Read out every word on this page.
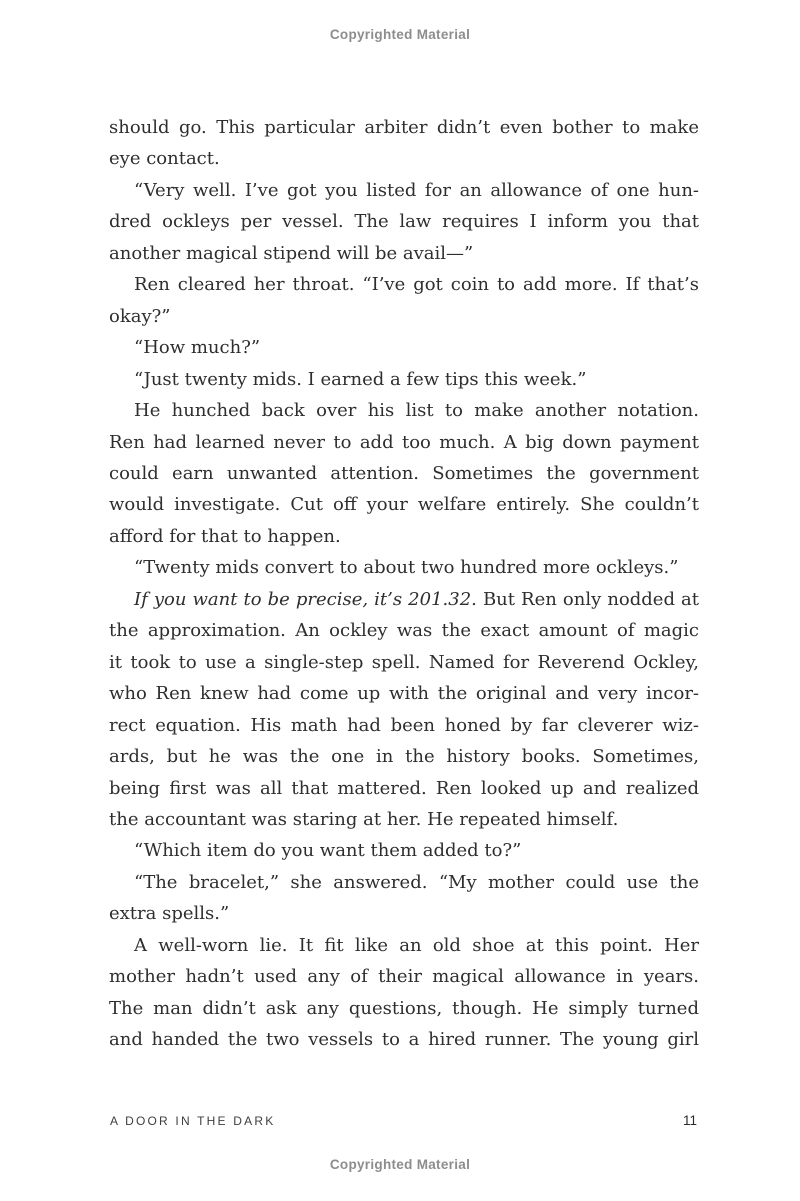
Copyrighted Material
should go. This particular arbiter didn’t even bother to make
eye contact.
“Very well. I’ve got you listed for an allowance of one hun-
dred ockleys per vessel. The law requires I inform you that
another magical stipend will be avail—”
Ren cleared her throat. “I’ve got coin to add more. If that’s
okay?”
“How much?”
“Just twenty mids. I earned a few tips this week.”
He hunched back over his list to make another notation.
Ren had learned never to add too much. A big down payment
could earn unwanted attention. Sometimes the government
would investigate. Cut off your welfare entirely. She couldn’t
afford for that to happen.
“Twenty mids convert to about two hundred more ockleys.”
If you want to be precise, it’s 201.32. But Ren only nodded at
the approximation. An ockley was the exact amount of magic
it took to use a single-step spell. Named for Reverend Ockley,
who Ren knew had come up with the original and very incor-
rect equation. His math had been honed by far cleverer wiz-
ards, but he was the one in the history books. Sometimes,
being first was all that mattered. Ren looked up and realized
the accountant was staring at her. He repeated himself.
“Which item do you want them added to?”
“The bracelet,” she answered. “My mother could use the
extra spells.”
A well-worn lie. It fit like an old shoe at this point. Her
mother hadn’t used any of their magical allowance in years.
The man didn’t ask any questions, though. He simply turned
and handed the two vessels to a hired runner. The young girl
A DOOR IN THE DARK	11
Copyrighted Material
